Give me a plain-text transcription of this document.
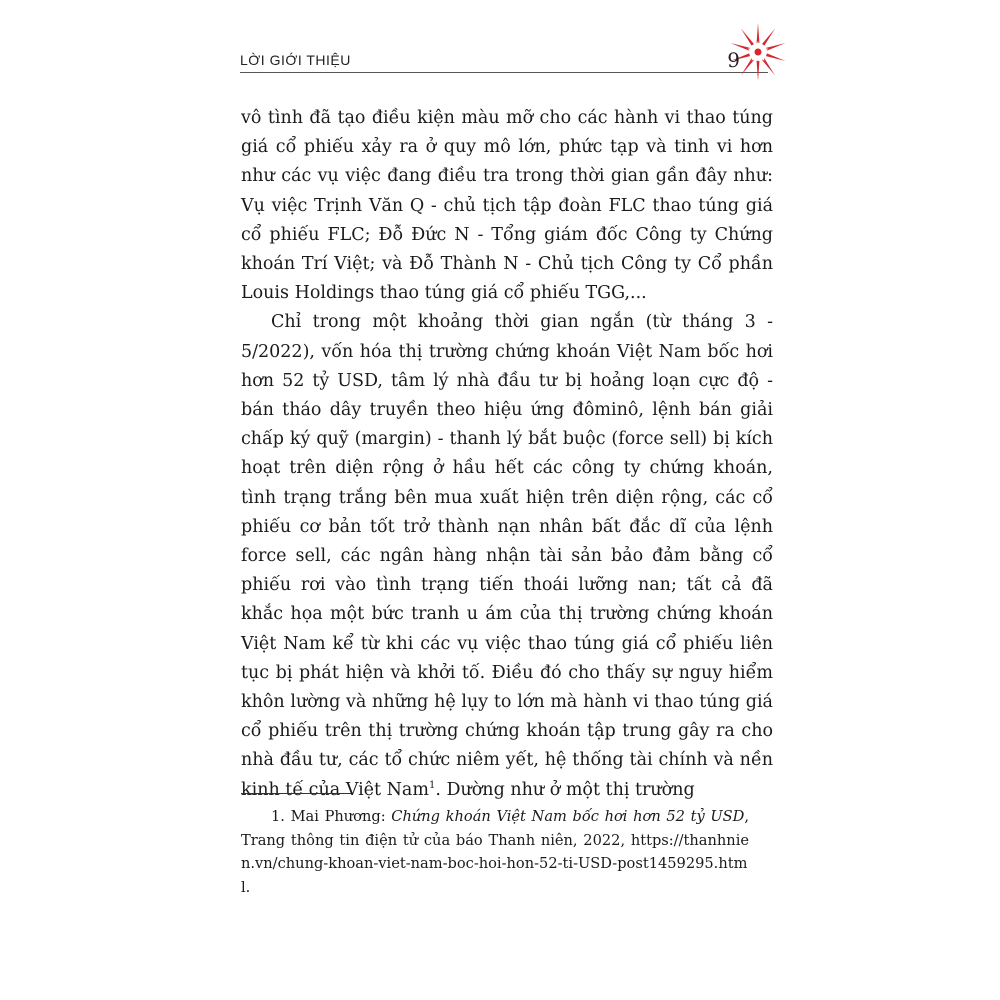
LỜI GIỚI THIỆU	9

vô tình đã tạo điều kiện màu mỡ cho các hành vi thao túng giá cổ phiếu xảy ra ở quy mô lớn, phức tạp và tinh vi hơn như các vụ việc đang điều tra trong thời gian gần đây như: Vụ việc Trịnh Văn Q - chủ tịch tập đoàn FLC thao túng giá cổ phiếu FLC; Đỗ Đức N - Tổng giám đốc Công ty Chứng khoán Trí Việt; và Đỗ Thành N - Chủ tịch Công ty Cổ phần Louis Holdings thao túng giá cổ phiếu TGG,...

Chỉ trong một khoảng thời gian ngắn (từ tháng 3 - 5/2022), vốn hóa thị trường chứng khoán Việt Nam bốc hơi hơn 52 tỷ USD, tâm lý nhà đầu tư bị hoảng loạn cực độ - bán tháo dây truyền theo hiệu ứng đôminô, lệnh bán giải chấp ký quỹ (margin) - thanh lý bắt buộc (force sell) bị kích hoạt trên diện rộng ở hầu hết các công ty chứng khoán, tình trạng trắng bên mua xuất hiện trên diện rộng, các cổ phiếu cơ bản tốt trở thành nạn nhân bất đắc dĩ của lệnh force sell, các ngân hàng nhận tài sản bảo đảm bằng cổ phiếu rơi vào tình trạng tiến thoái lưỡng nan; tất cả đã khắc họa một bức tranh u ám của thị trường chứng khoán Việt Nam kể từ khi các vụ việc thao túng giá cổ phiếu liên tục bị phát hiện và khởi tố. Điều đó cho thấy sự nguy hiểm khôn lường và những hệ lụy to lớn mà hành vi thao túng giá cổ phiếu trên thị trường chứng khoán tập trung gây ra cho nhà đầu tư, các tổ chức niêm yết, hệ thống tài chính và nền kinh tế của Việt Nam$^1$. Dường như ở một thị trường

1. Mai Phương: Chứng khoán Việt Nam bốc hơi hơn 52 tỷ USD, Trang thông tin điện tử của báo Thanh niên, 2022, https://thanhnien.vn/chung-khoan-viet-nam-boc-hoi-hon-52-ti-USD-post1459295.html.
